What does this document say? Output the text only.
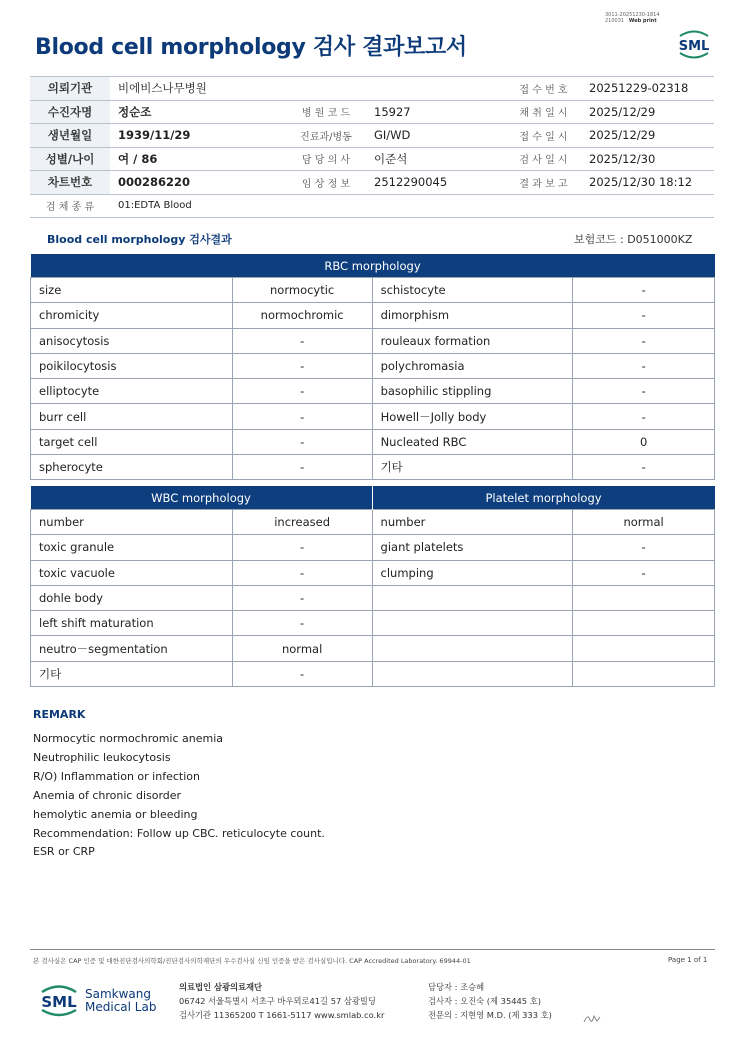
Blood cell morphology 검사 결과보고서
3011-20251230-1814
210031 Web print
SML
의뢰기관	비에비스나무병원			접 수 번 호	20251229-02318
수진자명	정순조	병 원 코 드	15927	채 취 일 시	2025/12/29
생년월일	1939/11/29	진료과/병동	GI/WD	접 수 일 시	2025/12/29
성별/나이	여 / 86	담 당 의 사	이준석	검 사 일 시	2025/12/30
차트번호	000286220	임 상 정 보	2512290045	결 과 보 고	2025/12/30 18:12
검 체 종 류	01:EDTA Blood				
Blood cell morphology 검사결과	보험코드 : D051000KZ
RBC morphology			
size	normocytic	schistocyte	-
chromicity	normochromic	dimorphism	-
anisocytosis	-	rouleaux formation	-
poikilocytosis	-	polychromasia	-
elliptocyte	-	basophilic stippling	-
burr cell	-	Howell－Jolly body	-
target cell	-	Nucleated RBC	0
spherocyte	-	기타	-
WBC morphology		Platelet morphology	
number	increased	number	normal
toxic granule	-	giant platelets	-
toxic vacuole	-	clumping	-
dohle body	-		
left shift maturation	-		
neutro－segmentation	normal		
기타	-		
REMARK
Normocytic normochromic anemia
Neutrophilic leukocytosis
R/O) Inflammation or infection
Anemia of chronic disorder
hemolytic anemia or bleeding
Recommendation: Follow up CBC. reticulocyte count.
ESR or CRP
본 검사실은 CAP 인증 및 대한진단검사의학회/진단검사의학재단의 우수검사실 신임 인증을 받은 검사실입니다. CAP Accredited Laboratory. 69944-01	Page 1 of 1
SML Samkwang
Medical Lab
의료법인 삼광의료재단
06742 서울특별시 서초구 바우뫼로41길 57 삼광빌딩
검사기관 11365200 T 1661-5117 www.smlab.co.kr
담당자 : 조승혜
검사자 : 오진숙 (제 35445 호)
전문의 : 지현영 M.D. (제 333 호)
